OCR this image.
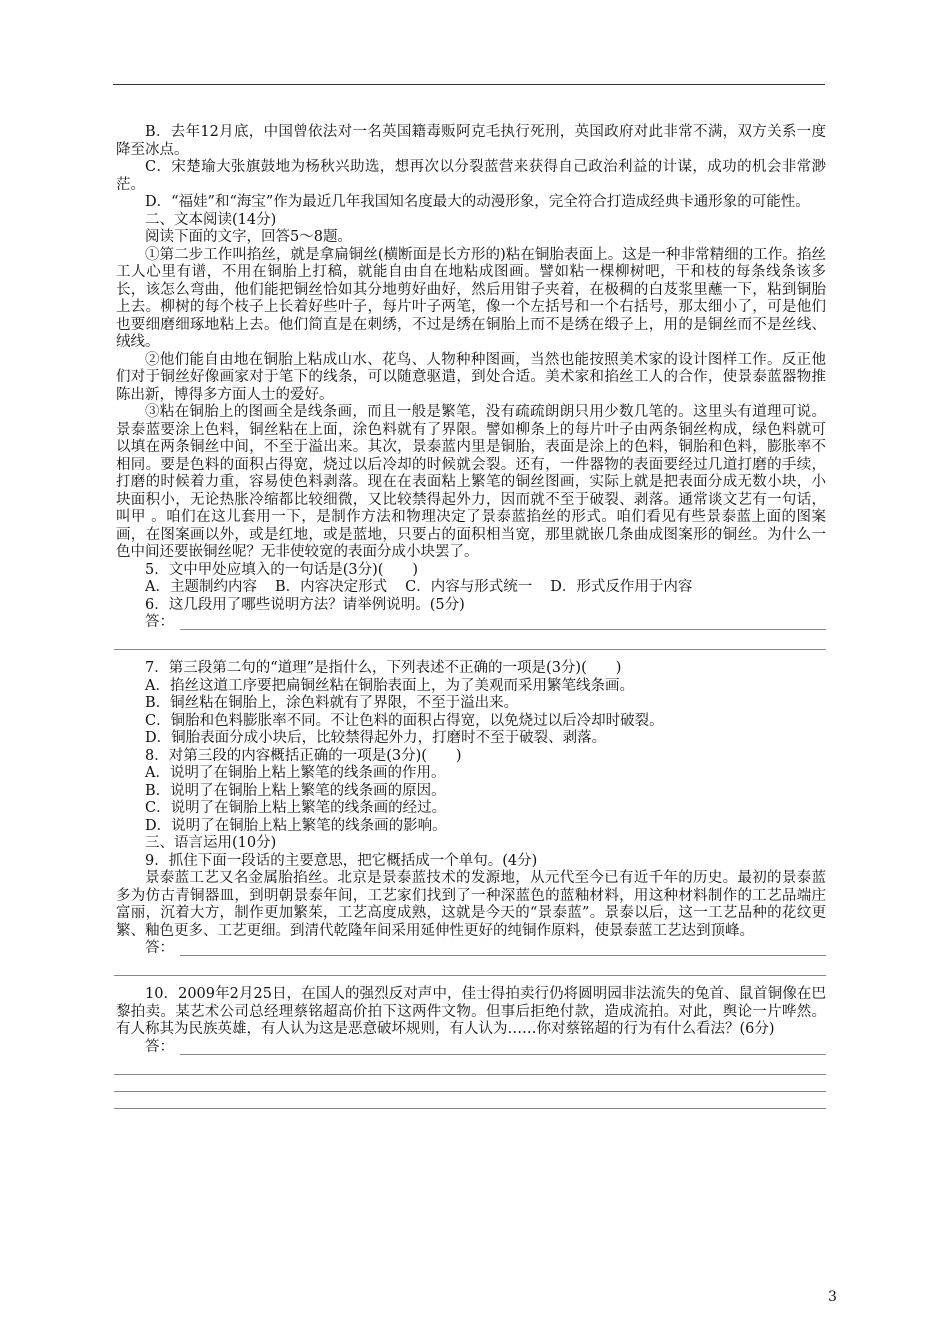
B．去年12月底，中国曾依法对一名英国籍毒贩阿克毛执行死刑，英国政府对此非常不满，双方关系一度降至冰点。

C．宋楚瑜大张旗鼓地为杨秋兴助选，想再次以分裂蓝营来获得自己政治利益的计谋，成功的机会非常渺茫。

D．“福娃”和“海宝”作为最近几年我国知名度最大的动漫形象，完全符合打造成经典卡通形象的可能性。

二、文本阅读(14分)

阅读下面的文字，回答5～8题。

①第二步工作叫掐丝，就是拿扁铜丝(横断面是长方形的)粘在铜胎表面上。这是一种非常精细的工作。掐丝工人心里有谱，不用在铜胎上打稿，就能自由自在地粘成图画。譬如粘一棵柳树吧，干和枝的每条线条该多长，该怎么弯曲，他们能把铜丝恰如其分地剪好曲好，然后用钳子夹着，在极稠的白芨浆里蘸一下，粘到铜胎上去。柳树的每个枝子上长着好些叶子，每片叶子两笔，像一个左括号和一个右括号，那太细小了，可是他们也要细磨细琢地粘上去。他们简直是在刺绣，不过是绣在铜胎上而不是绣在缎子上，用的是铜丝而不是丝线、绒线。

②他们能自由地在铜胎上粘成山水、花鸟、人物种种图画，当然也能按照美术家的设计图样工作。反正他们对于铜丝好像画家对于笔下的线条，可以随意驱遣，到处合适。美术家和掐丝工人的合作，使景泰蓝器物推陈出新，博得多方面人士的爱好。

③粘在铜胎上的图画全是线条画，而且一般是繁笔，没有疏疏朗朗只用少数几笔的。这里头有道理可说。景泰蓝要涂上色料，铜丝粘在上面，涂色料就有了界限。譬如柳条上的每片叶子由两条铜丝构成，绿色料就可以填在两条铜丝中间，不至于溢出来。其次，景泰蓝内里是铜胎，表面是涂上的色料，铜胎和色料，膨胀率不相同。要是色料的面积占得宽，烧过以后冷却的时候就会裂。还有，一件器物的表面要经过几道打磨的手续，打磨的时候着力重，容易使色料剥落。现在在表面粘上繁笔的铜丝图画，实际上就是把表面分成无数小块，小块面积小，无论热胀冷缩都比较细微，又比较禁得起外力，因而就不至于破裂、剥落。通常谈文艺有一句话，叫甲 。咱们在这儿套用一下，是制作方法和物理决定了景泰蓝掐丝的形式。咱们看见有些景泰蓝上面的图案画，在图案画以外，或是红地，或是蓝地，只要占的面积相当宽，那里就嵌几条曲成图案形的铜丝。为什么一色中间还要嵌铜丝呢？无非使较宽的表面分成小块罢了。

5．文中甲处应填入的一句话是(3分)(　　)

A．主题制约内容 B．内容决定形式 C．内容与形式统一 D．形式反作用于内容

6．这几段用了哪些说明方法？请举例说明。(5分)

答：

7．第三段第二句的“道理”是指什么，下列表述不正确的一项是(3分)(　　)

A．掐丝这道工序要把扁铜丝粘在铜胎表面上，为了美观而采用繁笔线条画。

B．铜丝粘在铜胎上，涂色料就有了界限，不至于溢出来。

C．铜胎和色料膨胀率不同。不让色料的面积占得宽，以免烧过以后冷却时破裂。

D．铜胎表面分成小块后，比较禁得起外力，打磨时不至于破裂、剥落。

8．对第三段的内容概括正确的一项是(3分)(　　)

A．说明了在铜胎上粘上繁笔的线条画的作用。

B．说明了在铜胎上粘上繁笔的线条画的原因。

C．说明了在铜胎上粘上繁笔的线条画的经过。

D．说明了在铜胎上粘上繁笔的线条画的影响。

三、语言运用(10分)

9．抓住下面一段话的主要意思，把它概括成一个单句。(4分)

景泰蓝工艺又名金属胎掐丝。北京是景泰蓝技术的发源地，从元代至今已有近千年的历史。最初的景泰蓝多为仿古青铜器皿，到明朝景泰年间，工艺家们找到了一种深蓝色的蓝釉材料，用这种材料制作的工艺品端庄富丽，沉着大方，制作更加繁茱，工艺高度成熟，这就是今天的“景泰蓝”。景泰以后，这一工艺品种的花纹更繁、釉色更多、工艺更细。到清代乾隆年间采用延伸性更好的纯铜作原料，使景泰蓝工艺达到顶峰。

答：

10．2009年2月25日，在国人的强烈反对声中，佳士得拍卖行仍将圆明园非法流失的兔首、鼠首铜像在巴黎拍卖。某艺术公司总经理蔡铭超高价拍下这两件文物。但事后拒绝付款，造成流拍。对此，舆论一片哗然。有人称其为民族英雄，有人认为这是恶意破坏规则，有人认为……你对蔡铭超的行为有什么看法？(6分)

答：
3
